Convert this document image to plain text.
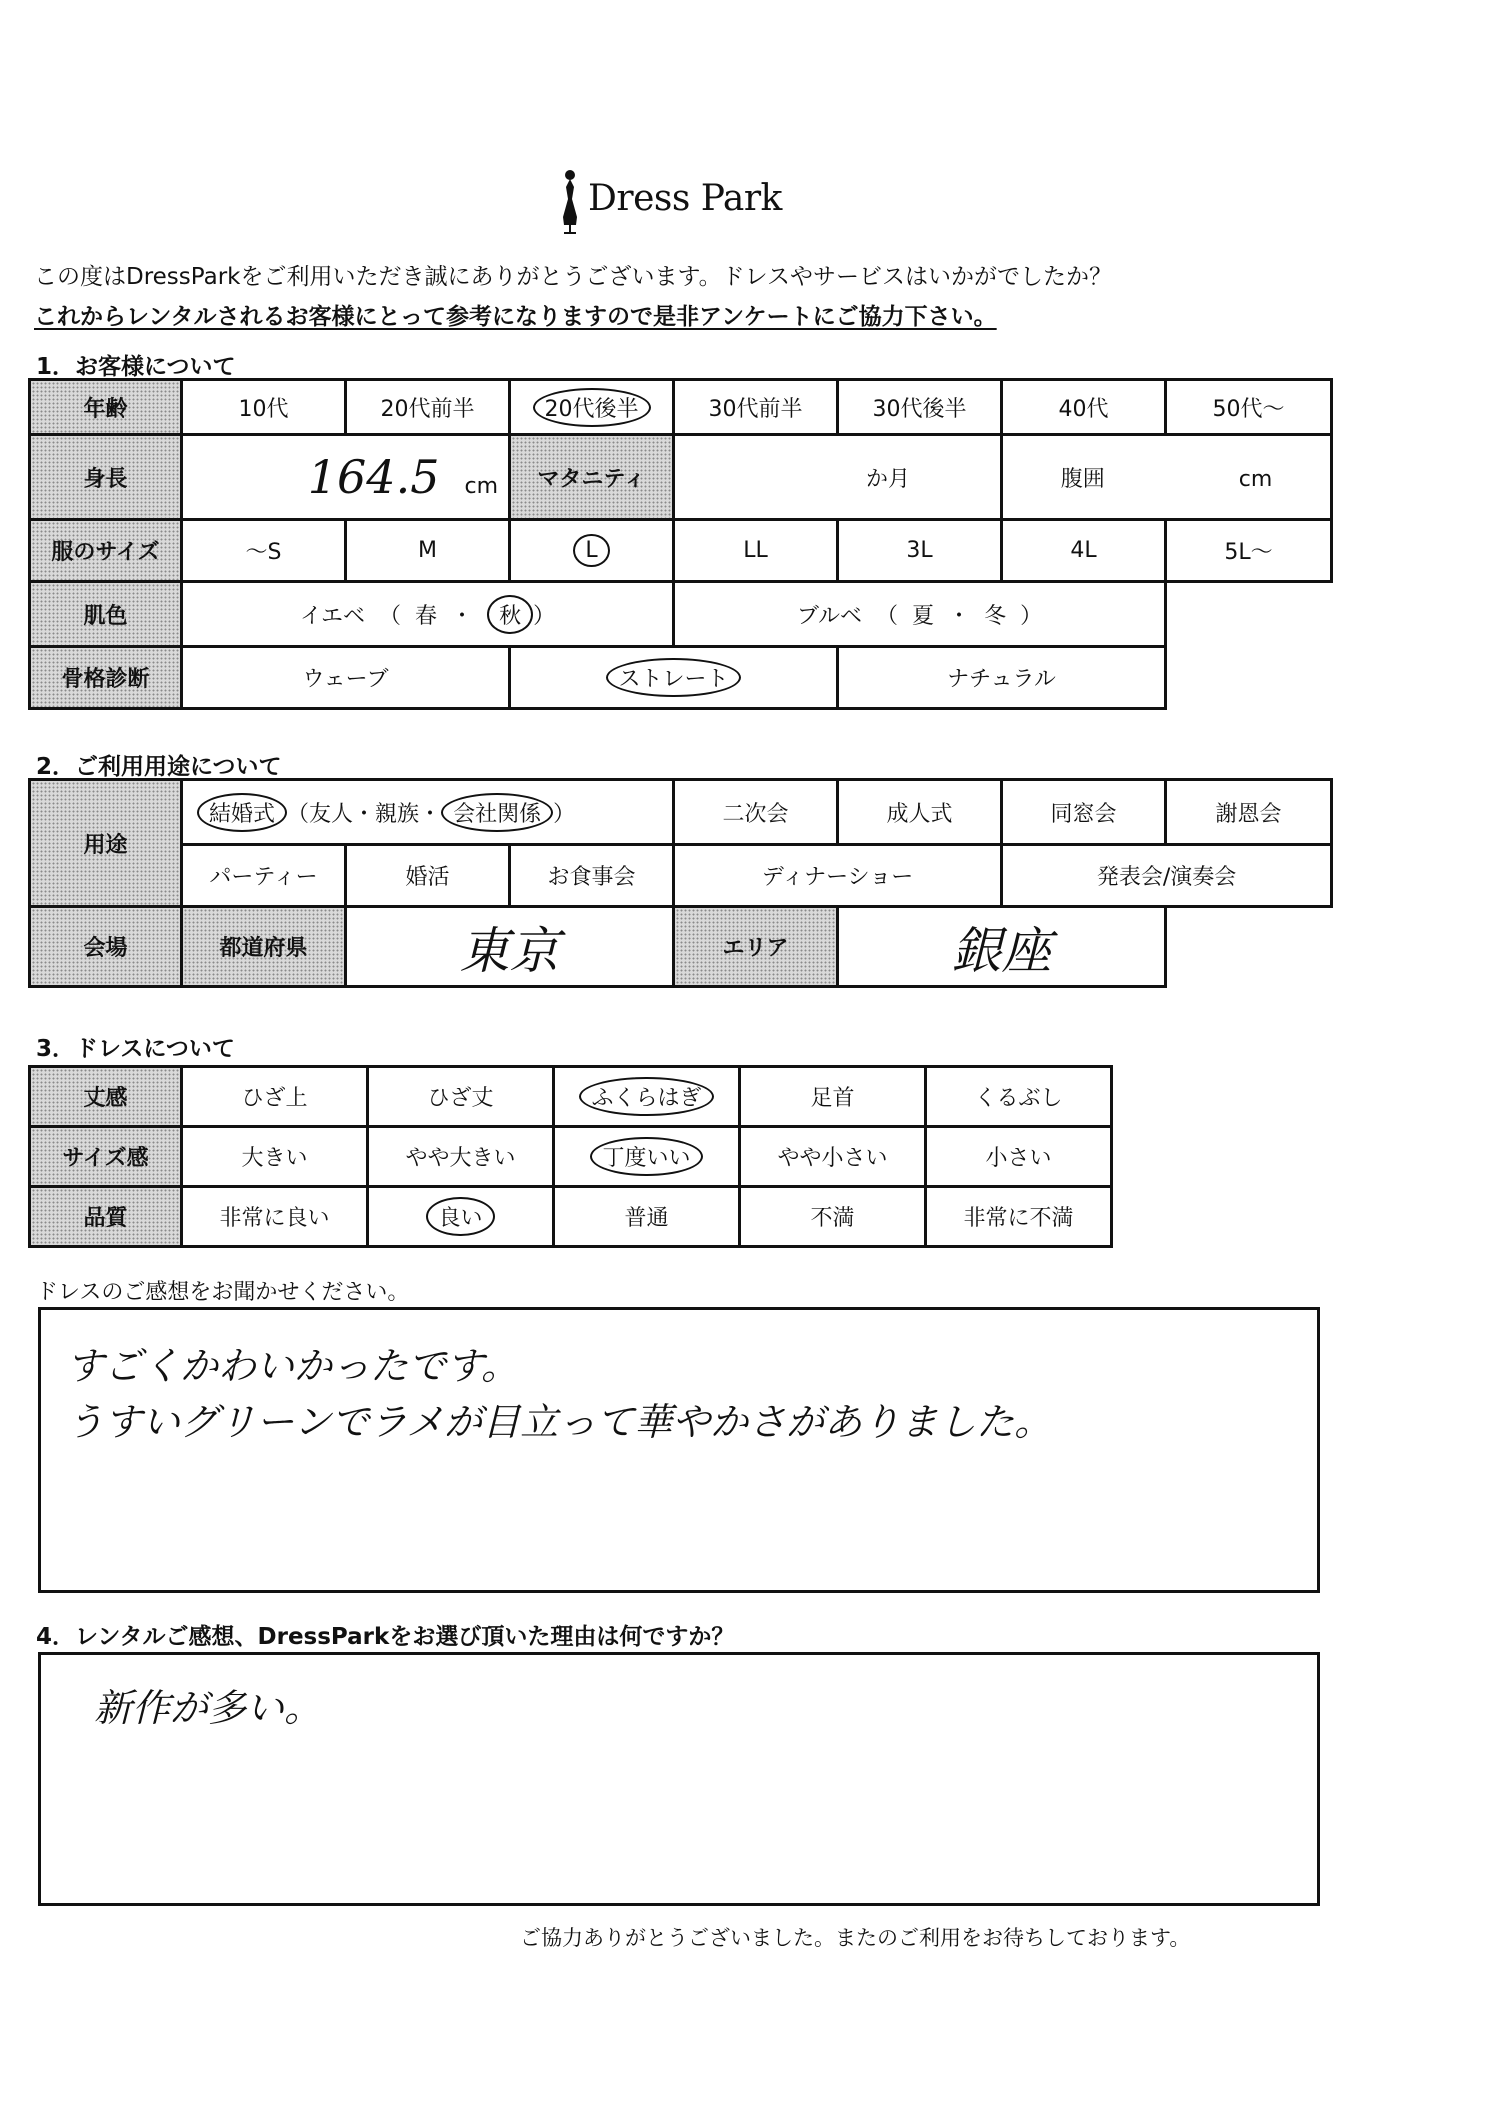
Dress Park
この度はDressParkをご利用いただき誠にありがとうございます。ドレスやサービスはいかがでしたか？
これからレンタルされるお客様にとって参考になりますので是非アンケートにご協力下さい。
1．お客様について
年齢	10代	20代前半	20代後半	30代前半	30代後半	40代	50代～
身長	164.5 cm		マタニティ	か月		腹囲 cm	
服のサイズ	～S	M	L	LL	3L	4L	5L～
肌色	イエベ （ 春 ・ 秋 ）			ブルベ （ 夏 ・ 冬 ）			
骨格診断	ウェーブ		ストレート		ナチュラル		
2．ご利用用途について
用途	結婚式 （友人・親族・ 会社関係 ）			二次会	成人式	同窓会	謝恩会
	パーティー	婚活	お食事会	ディナーショー		発表会/演奏会	
会場	都道府県	東京		エリア	銀座		
3．ドレスについて
丈感	ひざ上	ひざ丈	ふくらはぎ	足首	くるぶし
サイズ感	大きい	やや大きい	丁度いい	やや小さい	小さい
品質	非常に良い	良い	普通	不満	非常に不満
ドレスのご感想をお聞かせください。
すごくかわいかったです。
うすいグリーンでラメが目立って華やかさがありました。
4．レンタルご感想、DressParkをお選び頂いた理由は何ですか？
新作が多い。
ご協力ありがとうございました。またのご利用をお待ちしております。
